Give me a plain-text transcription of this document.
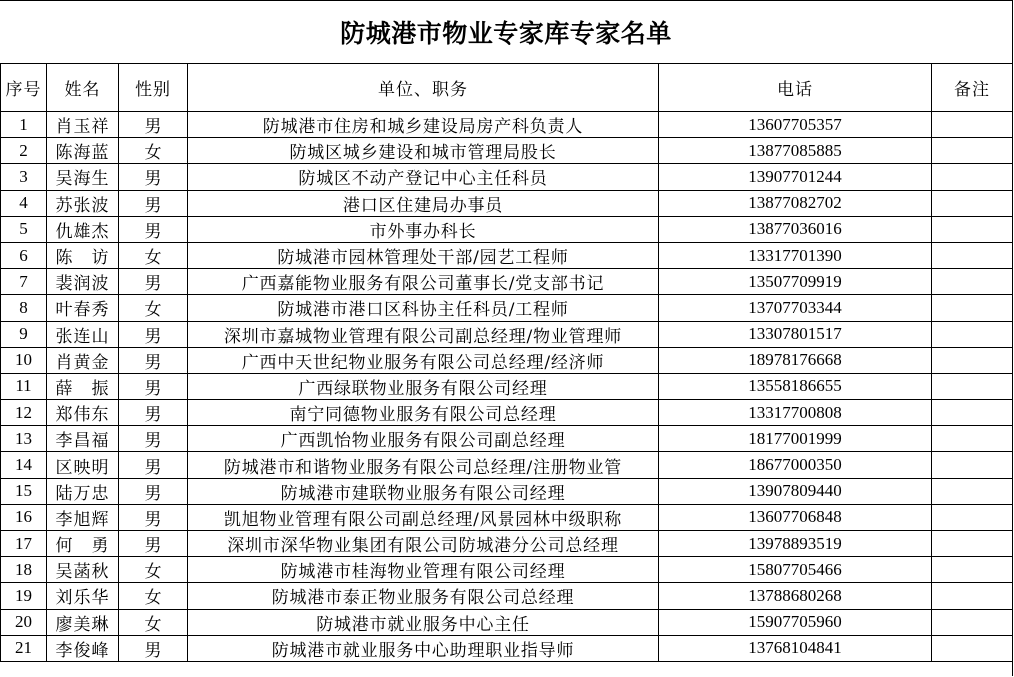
防城港市物业专家库专家名单
序号	姓名	性别	单位、职务	电话	备注
1	肖玉祥	男	防城港市住房和城乡建设局房产科负责人	13607705357	
2	陈海蓝	女	防城区城乡建设和城市管理局股长	13877085885	
3	吴海生	男	防城区不动产登记中心主任科员	13907701244	
4	苏张波	男	港口区住建局办事员	13877082702	
5	仇雄杰	男	市外事办科长	13877036016	
6	陈　访	女	防城港市园林管理处干部/园艺工程师	13317701390	
7	裴润波	男	广西嘉能物业服务有限公司董事长/党支部书记	13507709919	
8	叶春秀	女	防城港市港口区科协主任科员/工程师	13707703344	
9	张连山	男	深圳市嘉城物业管理有限公司副总经理/物业管理师	13307801517	
10	肖黄金	男	广西中天世纪物业服务有限公司总经理/经济师	18978176668	
11	薛　振	男	广西绿联物业服务有限公司经理	13558186655	
12	郑伟东	男	南宁同德物业服务有限公司总经理	13317700808	
13	李昌福	男	广西凯怡物业服务有限公司副总经理	18177001999	
14	区映明	男	防城港市和谐物业服务有限公司总经理/注册物业管	18677000350	
15	陆万忠	男	防城港市建联物业服务有限公司经理	13907809440	
16	李旭辉	男	凯旭物业管理有限公司副总经理/风景园林中级职称	13607706848	
17	何　勇	男	深圳市深华物业集团有限公司防城港分公司总经理	13978893519	
18	吴菡秋	女	防城港市桂海物业管理有限公司经理	15807705466	
19	刘乐华	女	防城港市泰正物业服务有限公司总经理	13788680268	
20	廖美琳	女	防城港市就业服务中心主任	15907705960	
21	李俊峰	男	防城港市就业服务中心助理职业指导师	13768104841	
